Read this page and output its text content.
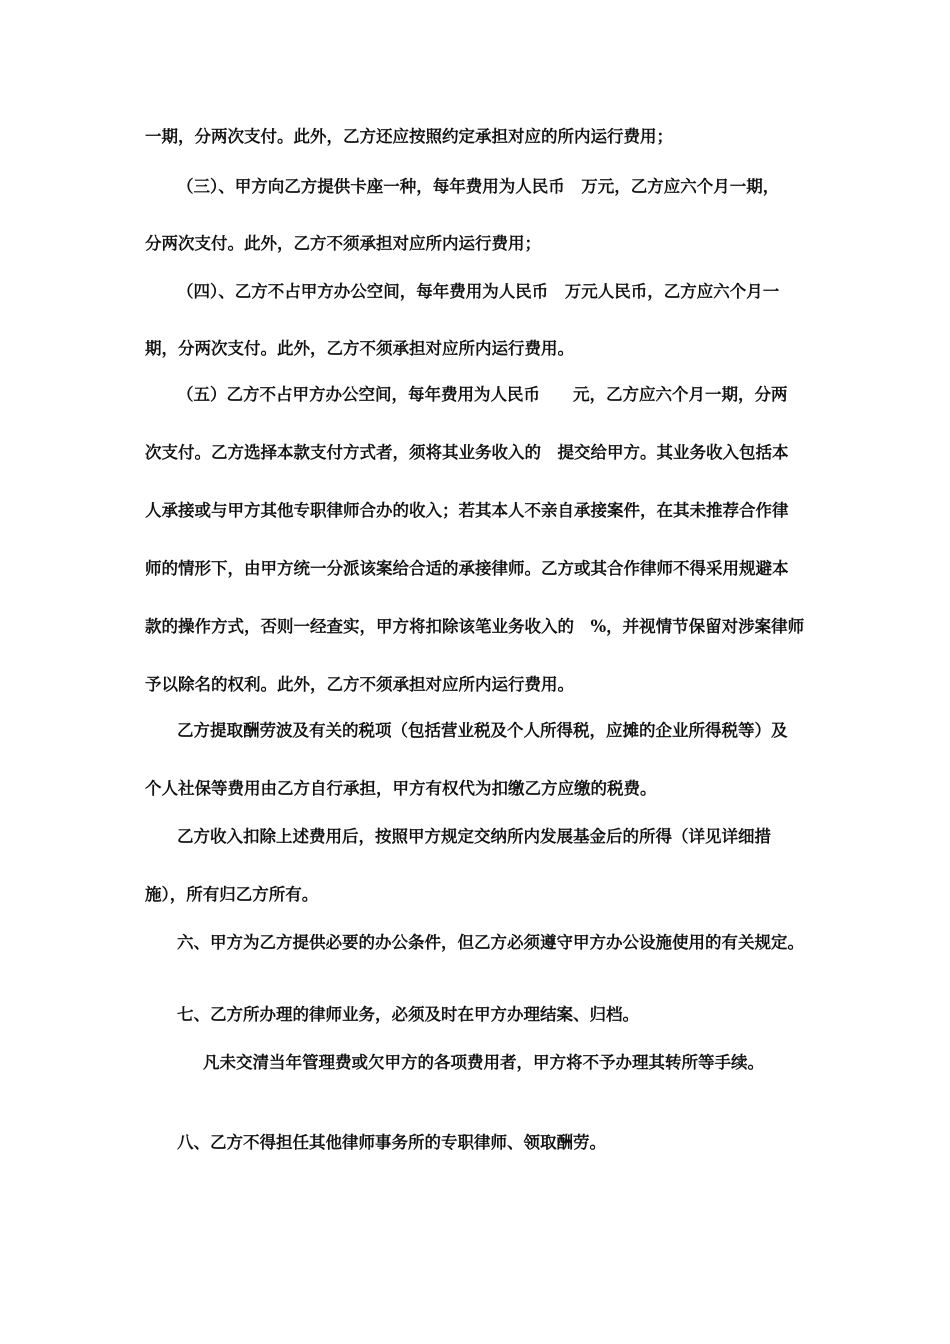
一期，分两次支付。此外，乙方还应按照约定承担对应的所内运行费用；
（三）、甲方向乙方提供卡座一种，每年费用为人民币　万元，乙方应六个月一期，
分两次支付。此外，乙方不须承担对应所内运行费用；
（四）、乙方不占甲方办公空间，每年费用为人民币　万元人民币，乙方应六个月一
期，分两次支付。此外，乙方不须承担对应所内运行费用。
（五）乙方不占甲方办公空间，每年费用为人民币　　元，乙方应六个月一期，分两
次支付。乙方选择本款支付方式者，须将其业务收入的　提交给甲方。其业务收入包括本
人承接或与甲方其他专职律师合办的收入；若其本人不亲自承接案件，在其未推荐合作律
师的情形下，由甲方统一分派该案给合适的承接律师。乙方或其合作律师不得采用规避本
款的操作方式，否则一经查实，甲方将扣除该笔业务收入的　%，并视情节保留对涉案律师
予以除名的权利。此外，乙方不须承担对应所内运行费用。
乙方提取酬劳波及有关的税项（包括营业税及个人所得税，应摊的企业所得税等）及
个人社保等费用由乙方自行承担，甲方有权代为扣缴乙方应缴的税费。
乙方收入扣除上述费用后，按照甲方规定交纳所内发展基金后的所得（详见详细措
施），所有归乙方所有。
六、甲方为乙方提供必要的办公条件，但乙方必须遵守甲方办公设施使用的有关规定。
七、乙方所办理的律师业务，必须及时在甲方办理结案、归档。
凡未交清当年管理费或欠甲方的各项费用者，甲方将不予办理其转所等手续。
八、乙方不得担任其他律师事务所的专职律师、领取酬劳。
